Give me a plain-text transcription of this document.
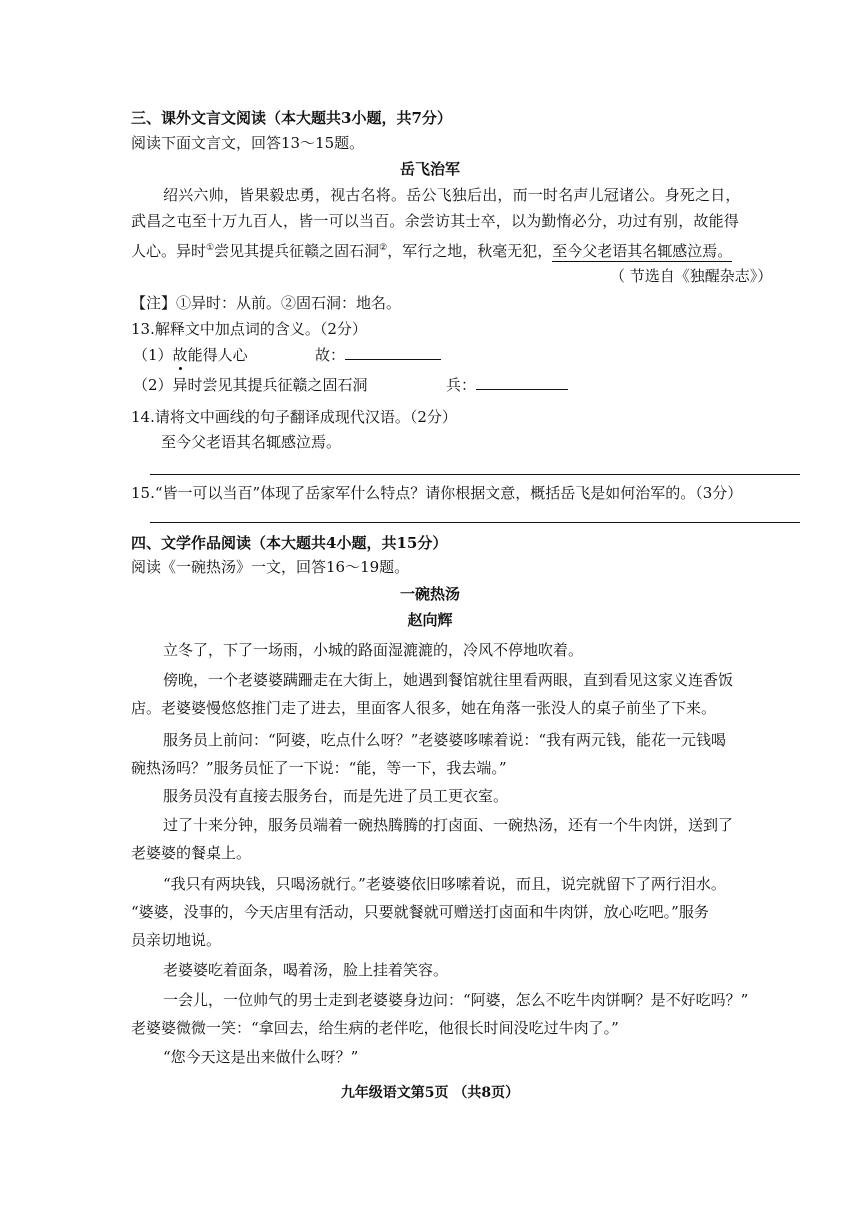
三、课外文言文阅读（本大题共3小题，共7分）
阅读下面文言文，回答13～15题。
岳飞治军
绍兴六帅，皆果毅忠勇，视古名将。岳公飞独后出，而一时名声儿冠诸公。身死之日，
武昌之屯至十万九百人，皆一可以当百。余尝访其士卒，以为勤惰必分，功过有别，故能得
人心。异时①尝见其提兵征赣之固石洞②，军行之地，秋毫无犯，至今父老语其名辄感泣焉。
（ 节选自《独醒杂志》）
【注】①异时：从前。②固石洞：地名。
13.解释文中加点词的含义。（2分）
（1）故能得人心	故：
（2）异时尝见其提兵征赣之固石洞	兵：
14.请将文中画线的句子翻译成现代汉语。（2分）
至今父老语其名辄感泣焉。
15.“皆一可以当百”体现了岳家军什么特点？请你根据文意，概括岳飞是如何治军的。（3分）
四、文学作品阅读（本大题共4小题，共15分）
阅读《一碗热汤》一文，回答16～19题。
一碗热汤
赵向辉
立冬了，下了一场雨，小城的路面湿漉漉的，冷风不停地吹着。
傍晚，一个老婆婆蹒跚走在大街上，她遇到餐馆就往里看两眼，直到看见这家义连香饭
店。老婆婆慢悠悠推门走了进去，里面客人很多，她在角落一张没人的桌子前坐了下来。
服务员上前问：“阿婆，吃点什么呀？”老婆婆哆嗦着说：“我有两元钱，能花一元钱喝
碗热汤吗？”服务员怔了一下说：“能，等一下，我去端。”
服务员没有直接去服务台，而是先进了员工更衣室。
过了十来分钟，服务员端着一碗热腾腾的打卤面、一碗热汤，还有一个牛肉饼，送到了
老婆婆的餐桌上。
“我只有两块钱，只喝汤就行。”老婆婆依旧哆嗦着说，而且，说完就留下了两行泪水。
“婆婆，没事的，今天店里有活动，只要就餐就可赠送打卤面和牛肉饼，放心吃吧。”服务
员亲切地说。
老婆婆吃着面条，喝着汤，脸上挂着笑容。
一会儿，一位帅气的男士走到老婆婆身边问：“阿婆，怎么不吃牛肉饼啊？是不好吃吗？”
老婆婆微微一笑：“拿回去，给生病的老伴吃，他很长时间没吃过牛肉了。”
“您今天这是出来做什么呀？”
九年级语文第5页 （共8页）
